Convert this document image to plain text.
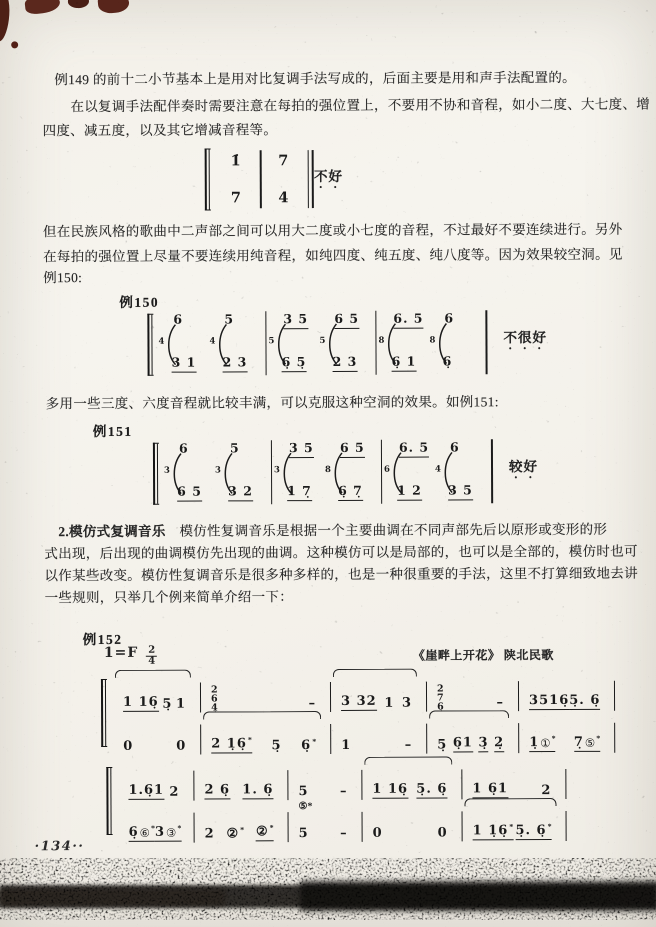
例149 的前十二小节基本上是用对比复调手法写成的，后面主要是用和声手法配置的。

在以复调手法配伴奏时需要注意在每拍的强位置上，不要用不协和音程，如小二度、大七度、增

四度、减五度，以及其它增减音程等。

1̇
7
7
4
不
·
好
·

但在民族风格的歌曲中二声部之间可以用大二度或小七度的音程，不过最好不要连续进行。另外

在每拍的强位置上尽量不要连续用纯音程，如纯四度、纯五度、纯八度等。因为效果较空洞。见

例150:

例150

4
6
3 1
4
5
2 3
5
3 5
6̣ 5̣
5
6 5
2 3
8
6. 5
6̣ 1
8
6
6̣
不
·
很
·
好
·

多用一些三度、六度音程就比较丰满，可以克服这种空洞的效果。如例151:

例151

3
6
6 5
3
5
3 2
3
3 5
1 7̣
8
6 5
6̣ 7̣
6
6. 5
1 2
4
6
3 5
较
·
好
·

2.模仿式复调音乐　模仿性复调音乐是根据一个主要曲调在不同声部先后以原形或变形的形

式出现，后出现的曲调模仿先出现的曲调。这种模仿可以是局部的，也可以是全部的，模仿时也可

以作某些改变。模仿性复调音乐是很多种多样的，也是一种很重要的手法，这里不打算细致地去讲

一些规则，只举几个例来简单介绍一下：

例152

$1=F \frac{2}{4}$	《崖畔上开花》 陕北民歌
1 16̣ 5̣ 1
2
6
4̣	– 3 32 1 3
2
7
6̣	– 3516̣ 5̣. 6̣
0	0 2 1̣6̣ * 5̣ 6̣ * 1	– 5̣ 6̣1 3̣ 2̣ 1̣ ① * 7̣ ⑤ *
1.6̣1 2 2 6̣ 1. 6̣ 5
⑤*
– 1 16̣ 5̣. 6̣ 1 6̣1	2
6̣ ⑥ * 3 ③ * 2 ② * ② * 5 – 0	0 1 1̣6̣ * 5̣. 6̣ *
·134··
